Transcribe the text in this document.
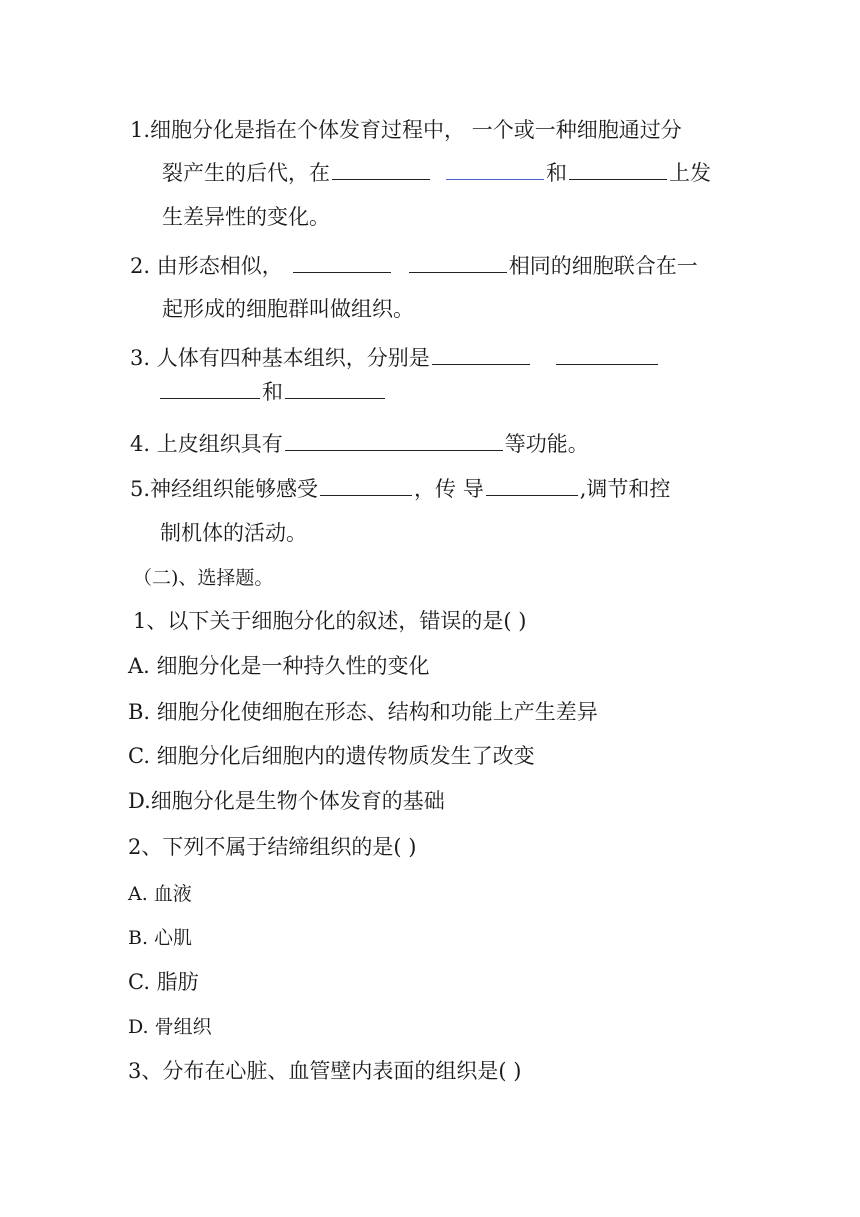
1.细胞分化是指在个体发育过程中， 一个或一种细胞通过分
裂产生的后代，在	和	上发
生差异性的变化。
2. 由形态相似，	相同的细胞联合在一
起形成的细胞群叫做组织。
3. 人体有四种基本组织，分别是
和
4. 上皮组织具有	等功能。
5.神经组织能够感受	，传 导	,调节和控
制机体的活动。
（二)、选择题。
1、以下关于细胞分化的叙述，错误的是( )
A. 细胞分化是一种持久性的变化
B. 细胞分化使细胞在形态、结构和功能上产生差异
C. 细胞分化后细胞内的遗传物质发生了改变
D.细胞分化是生物个体发育的基础
2、下列不属于结缔组织的是( )
A. 血液
B. 心肌
C. 脂肪
D. 骨组织
3、分布在心脏、血管壁内表面的组织是( )
